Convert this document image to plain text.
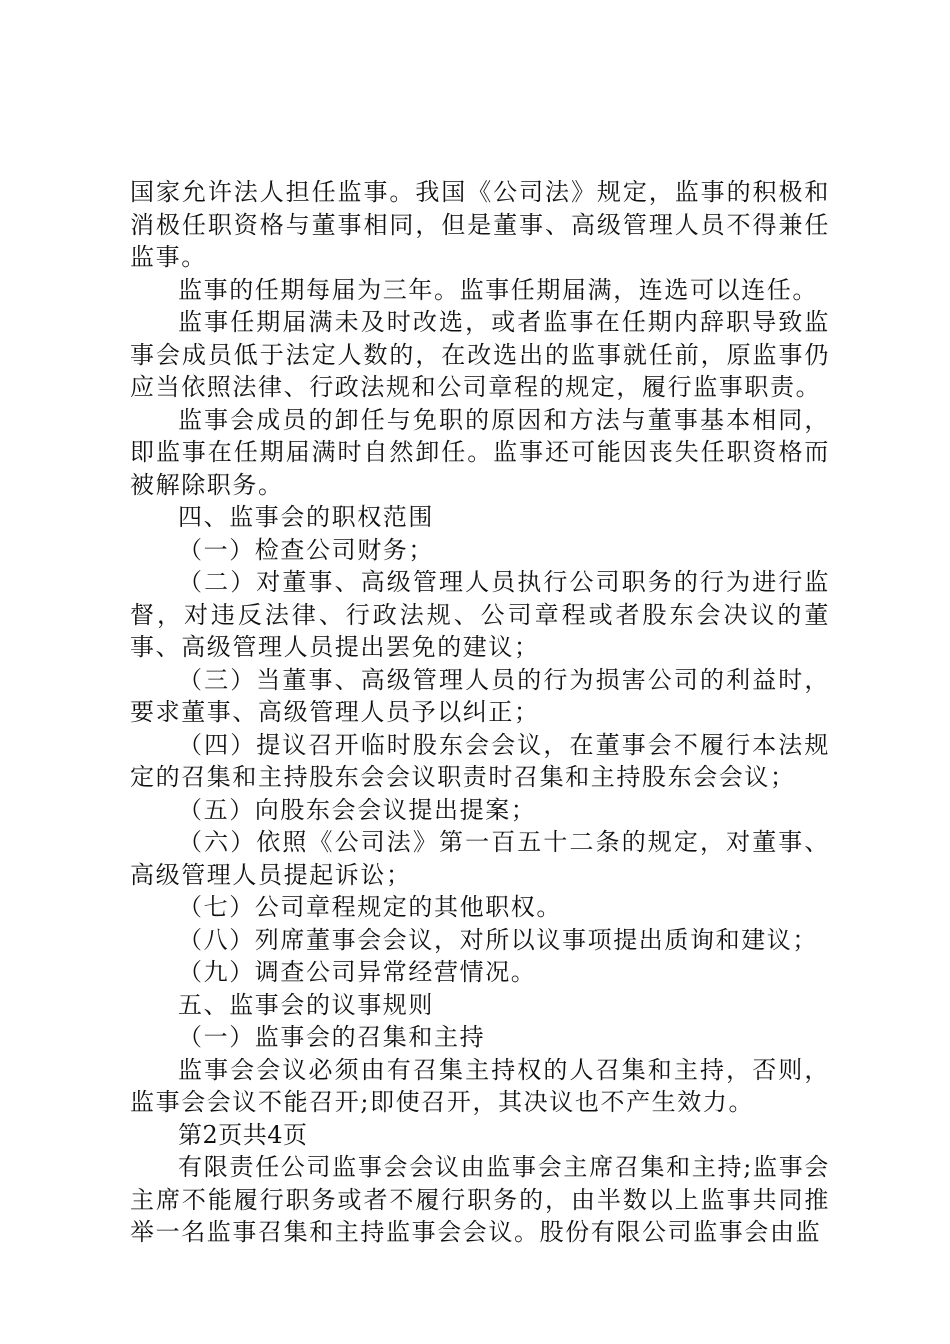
国家允许法人担任监事。我国《公司法》规定，监事的积极和消极任职资格与董事相同，但是董事、高级管理人员不得兼任监事。

监事的任期每届为三年。监事任期届满，连选可以连任。

监事任期届满未及时改选，或者监事在任期内辞职导致监事会成员低于法定人数的，在改选出的监事就任前，原监事仍应当依照法律、行政法规和公司章程的规定，履行监事职责。

监事会成员的卸任与免职的原因和方法与董事基本相同，即监事在任期届满时自然卸任。监事还可能因丧失任职资格而被解除职务。

四、监事会的职权范围

（一）检查公司财务；

（二）对董事、高级管理人员执行公司职务的行为进行监督，对违反法律、行政法规、公司章程或者股东会决议的董事、高级管理人员提出罢免的建议；

（三）当董事、高级管理人员的行为损害公司的利益时，要求董事、高级管理人员予以纠正；

（四）提议召开临时股东会会议，在董事会不履行本法规定的召集和主持股东会会议职责时召集和主持股东会会议；

（五）向股东会会议提出提案；

（六）依照《公司法》第一百五十二条的规定，对董事、高级管理人员提起诉讼；

（七）公司章程规定的其他职权。

（八）列席董事会会议，对所以议事项提出质询和建议；

（九）调查公司异常经营情况。

五、监事会的议事规则

（一）监事会的召集和主持

监事会会议必须由有召集主持权的人召集和主持，否则，监事会会议不能召开;即使召开，其决议也不产生效力。

第2页共4页

有限责任公司监事会会议由监事会主席召集和主持;监事会主席不能履行职务或者不履行职务的，由半数以上监事共同推举一名监事召集和主持监事会会议。股份有限公司监事会由监
